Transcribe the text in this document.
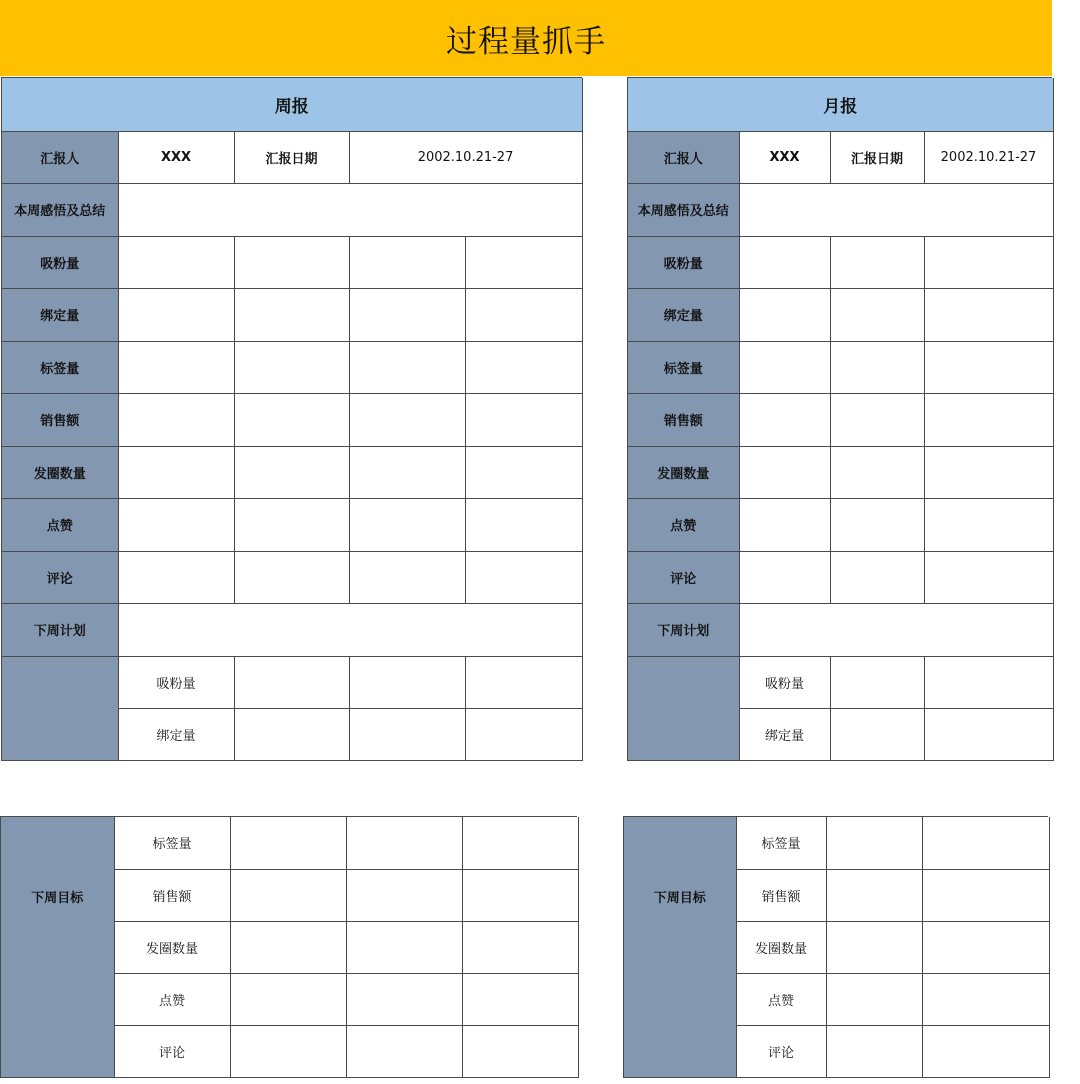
过程量抓手
周报				
汇报人	XXX	汇报日期	2002.10.21-27	
本周感悟及总结				
吸粉量				
绑定量				
标签量				
销售额				
发圈数量				
点赞				
评论				
下周计划				
	吸粉量			
	绑定量			
月报			
汇报人	XXX	汇报日期	2002.10.21-27
本周感悟及总结			
吸粉量			
绑定量			
标签量			
销售额			
发圈数量			
点赞			
评论			
下周计划			
	吸粉量		
	绑定量		
下周目标	标签量			
	销售额			
	发圈数量			
	点赞			
	评论			
下周目标	标签量		
	销售额		
	发圈数量		
	点赞		
	评论		
